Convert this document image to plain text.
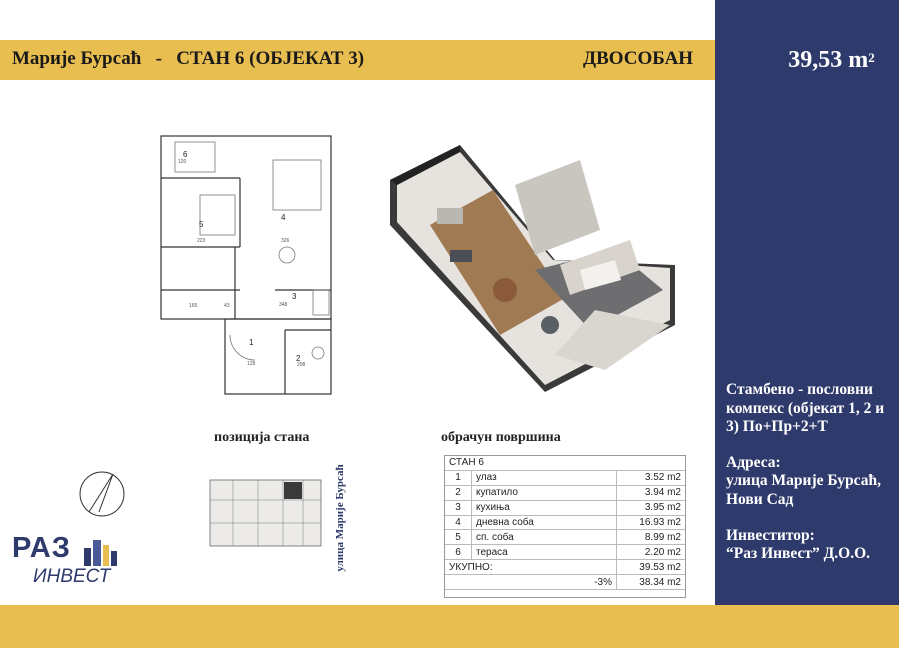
Марије Бурсаћ - СТАН 6 (ОБЈЕКАТ 3)	ДВОСОБАН	39,53 $m^2$
6
5
4
3
1
2
120
223	326
165	43	348
128	208
позиција стана	обрачун површина
улица Марије Бурсаћ
СТАН 6		
1	улаз	3.52 m2
2	купатило	3.94 m2
3	кухиња	3.95 m2
4	дневна соба	16.93 m2
5	сп. соба	8.99 m2
6	тераса	2.20 m2
УКУПНО:		39.53 m2
-3%		38.34 m2
РАЗ
ИНВЕСТ

Стамбено - пословни компекс (објекат 1, 2 и 3) По+Пр+2+Т

Адреса:
улица Марије Бурсаћ, Нови Сад

Инвеститор:
“Раз Инвест” Д.О.О.
